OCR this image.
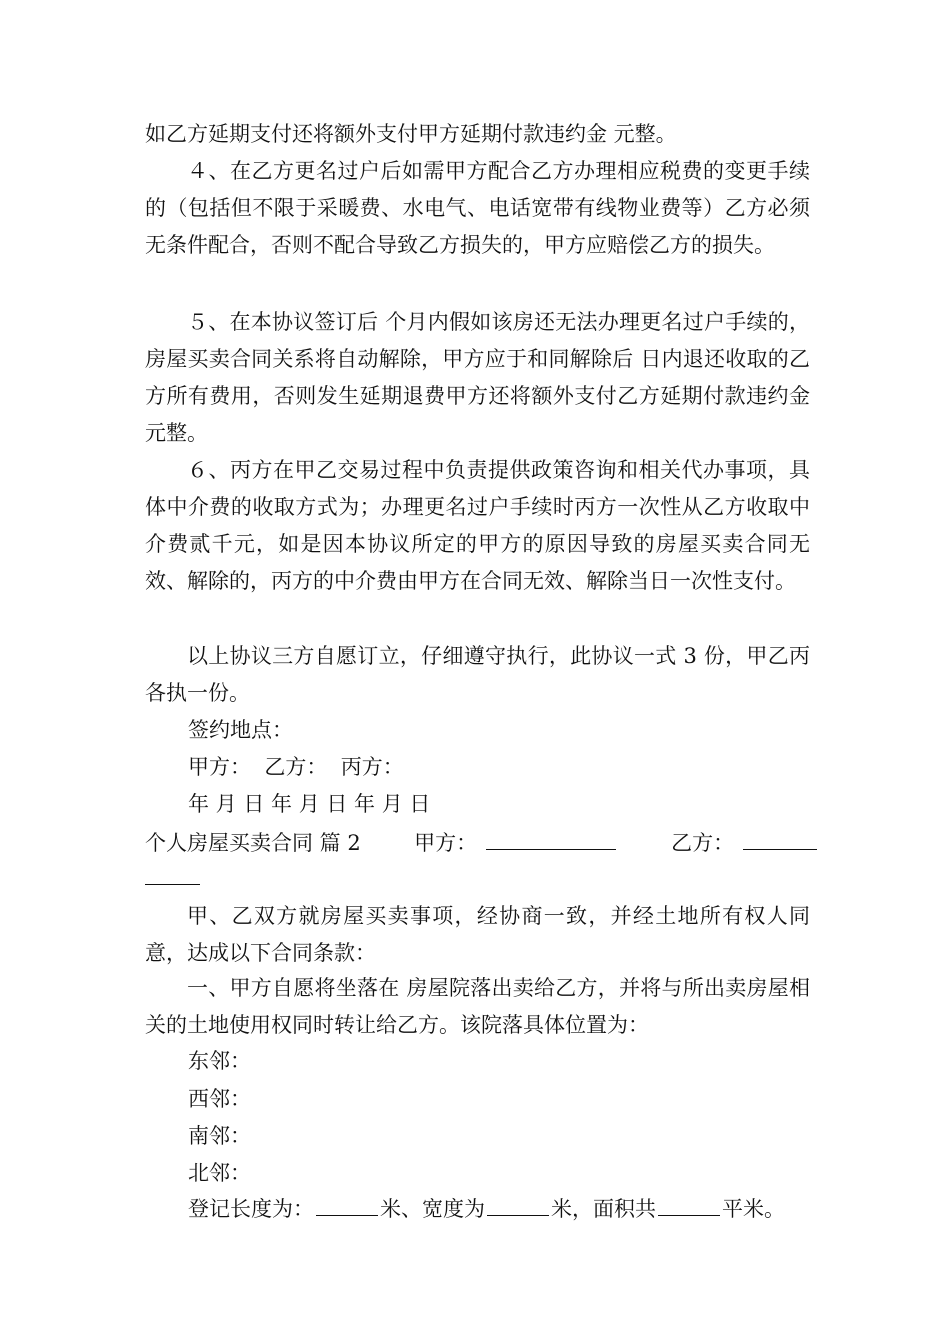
如乙方延期支付还将额外支付甲方延期付款违约金 元整。

４、在乙方更名过户后如需甲方配合乙方办理相应税费的变更手续的（包括但不限于采暖费、水电气、电话宽带有线物业费等）乙方必须无条件配合，否则不配合导致乙方损失的，甲方应赔偿乙方的损失。

５、在本协议签订后 个月内假如该房还无法办理更名过户手续的，房屋买卖合同关系将自动解除，甲方应于和同解除后 日内退还收取的乙方所有费用，否则发生延期退费甲方还将额外支付乙方延期付款违约金 元整。

６、丙方在甲乙交易过程中负责提供政策咨询和相关代办事项，具体中介费的收取方式为；办理更名过户手续时丙方一次性从乙方收取中介费贰千元，如是因本协议所定的甲方的原因导致的房屋买卖合同无效、解除的，丙方的中介费由甲方在合同无效、解除当日一次性支付。

以上协议三方自愿订立，仔细遵守执行，此协议一式 3 份，甲乙丙各执一份。

签约地点：

甲方：  乙方：  丙方：

年 月 日 年 月 日 年 月 日

个人房屋买卖合同 篇 2	甲方：	乙方：

甲、乙双方就房屋买卖事项，经协商一致，并经土地所有权人同意，达成以下合同条款：

一、甲方自愿将坐落在 房屋院落出卖给乙方，并将与所出卖房屋相关的土地使用权同时转让给乙方。该院落具体位置为：

东邻：

西邻：

南邻：

北邻：

登记长度为：	米、宽度为	米，面积共	平米。
